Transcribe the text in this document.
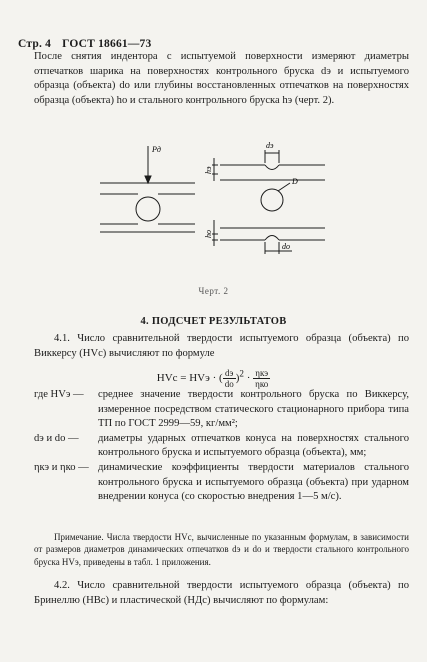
Стр. 4 ГОСТ 18661—73
После снятия индентора с испытуемой поверхности измеряют диаметры отпечатков шарика на поверхностях контрольного бруска dэ и испытуемого образца (объекта) dо или глубины восстановленных отпечатков на поверхностях образца (объекта) hо и стального контрольного бруска hэ (черт. 2).
Pд	dэ
D
dо
hэ
hо
Черт. 2
4. ПОДСЧЕТ РЕЗУЛЬТАТОВ
4.1. Число сравнительной твердости испытуемого образца (объекта) по Виккерсу (HVс) вычисляют по формуле
HVс = HVэ · ( $\frac{dэ}{dо} )^2 \cdot \frac{\text{ηкэ}}{\text{ηко}}$
где HVэ —	среднее значение твердости контрольного бруска по Виккерсу, измеренное посредством статического стационарного прибора типа ТП по ГОСТ 2999—59, кг/мм²;
dэ и dо —	диаметры ударных отпечатков конуса на поверхностях стального контрольного бруска и испытуемого образца (объекта), мм;
ηкэ и ηко — динамические коэффициенты твердости материалов стального контрольного бруска и испытуемого образца (объекта) при ударном внедрении конуса (со скоростью внедрения 1—5 м/с).
Примечание. Числа твердости HVс, вычисленные по указанным формулам, в зависимости от размеров диаметров динамических отпечатков dэ и dо и твердости стального контрольного бруска HVэ, приведены в табл. 1 приложения.
4.2. Число сравнительной твердости испытуемого образца (объекта) по Бринеллю (НВс) и пластической (НДс) вычисляют по формулам:
